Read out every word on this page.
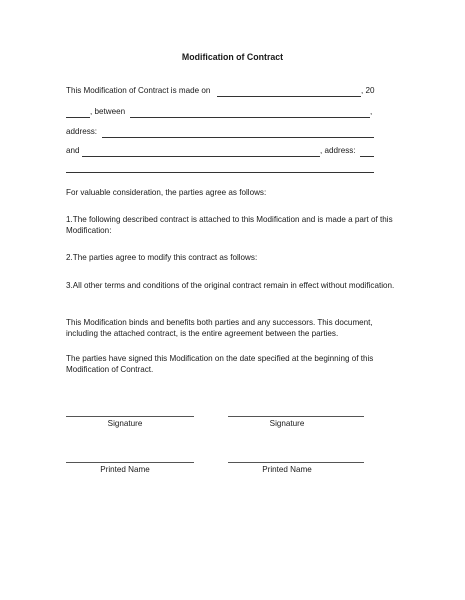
Modification of Contract
This Modification of Contract is made on	, 20
, between	,
address:
and	, address:
For valuable consideration, the parties agree as follows:
1.The following described contract is attached to this Modification and is made a part of this Modification:
2.The parties agree to modify this contract as follows:
3.All other terms and conditions of the original contract remain in effect without modification.
This Modification binds and benefits both parties and any successors. This document, including the attached contract, is the entire agreement between the parties.
The parties have signed this Modification on the date specified at the beginning of this Modification of Contract.
Signature	Signature
Printed Name	Printed Name
